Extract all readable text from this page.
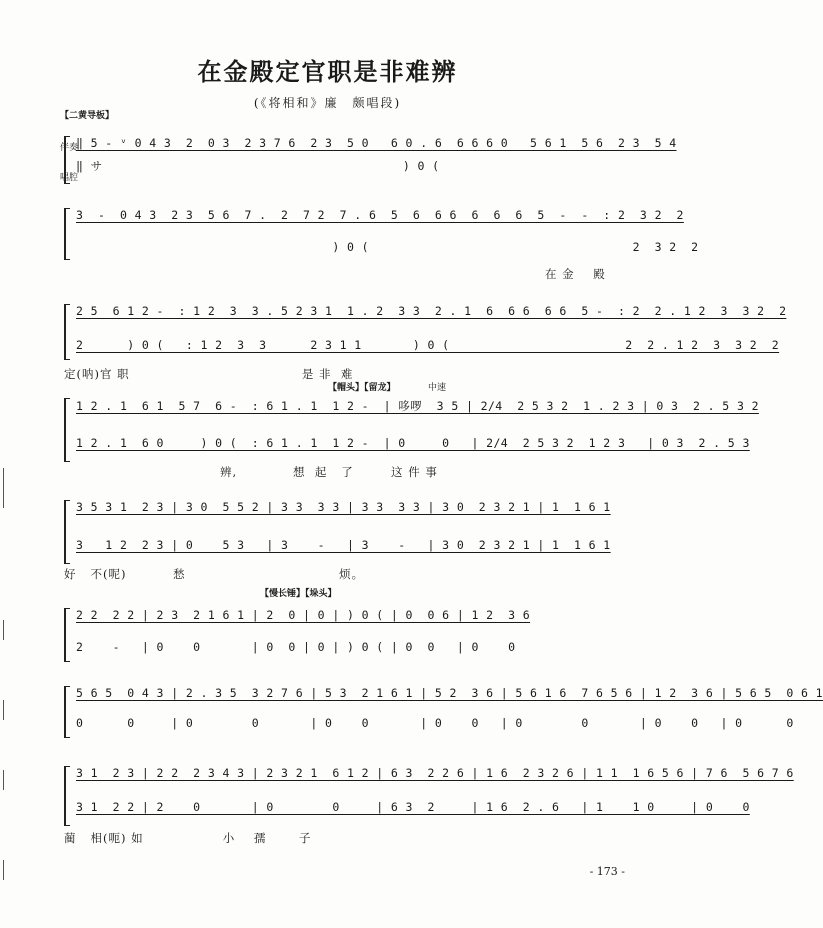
在金殿定官职是非难辨
(《将相和》廉　颇唱段)
【二黄导板】
伴奏
唱腔
‖ 5 - ᵛ 0 4 3  2  0 3  2 3 7 6  2 3  5 0   6 0 . 6  6 6 6 0   5 6 1  5 6  2 3  5 4
‖ サ                                         ) 0 (
3  -  0 4 3  2 3  5 6  7 .  2  7 2  7 . 6  5  6  6 6  6  6  6  5  -  -  : 2  3 2  2
) 0 (                                    2  3 2  2
在 金    殿
2 5  6 1 2 -  : 1 2  3  3 . 5 2 3 1  1 . 2  3 3  2 . 1  6  6 6  6 6  5 -  : 2  2 . 1 2  3  3 2  2
2      ) 0 (   : 1 2  3  3      2 3 1 1       ) 0 (                        2  2 . 1 2  3  3 2  2
定(呐)官 职                                     是 非  难
【帽头】【留龙】	中速
1 2 . 1  6 1  5 7  6 -  : 6 1 . 1  1 2 -  | 哆啰  3 5 | 2/4  2 5 3 2  1 . 2 3 | 0 3  2 . 5 3 2
1 2 . 1  6 0     ) 0 (  : 6 1 . 1  1 2 -  | 0     0   | 2/4  2 5 3 2  1 2 3   | 0 3  2 . 5 3
辨,            想  起   了        这 件 事
3 5 3 1  2 3 | 3 0  5 5 2 | 3 3  3 3 | 3 3  3 3 | 3 0  2 3 2 1 | 1  1 6 1
3   1 2  2 3 | 0    5 3   | 3    -   | 3    -   | 3 0  2 3 2 1 | 1  1 6 1
好   不(呢)          愁                                 烦。
【慢长锤】【垛头】
2 2  2 2 | 2 3  2 1 6 1 | 2  0 | 0 | ) 0 ( | 0  0 6 | 1 2  3 6
2    -   | 0    0       | 0  0 | 0 | ) 0 ( | 0  0   | 0    0
5 6 5  0 4 3 | 2 . 3 5  3 2 7 6 | 5 3  2 1 6 1 | 5 2  3 6 | 5 6 1 6  7 6 5 6 | 1 2  3 6 | 5 6 5  0 6 1
0      0     | 0        0       | 0    0       | 0    0   | 0        0       | 0    0   | 0      0
3 1  2 3 | 2 2  2 3 4 3 | 2 3 2 1  6 1 2 | 6 3  2 2 6 | 1 6  2 3 2 6 | 1 1  1 6 5 6 | 7 6  5 6 7 6
3 1  2 2 | 2    0       | 0        0     | 6 3  2     | 1 6  2 . 6   | 1    1 0     | 0    0
蔺   相(呃) 如                 小    孺       子
- 173 -
